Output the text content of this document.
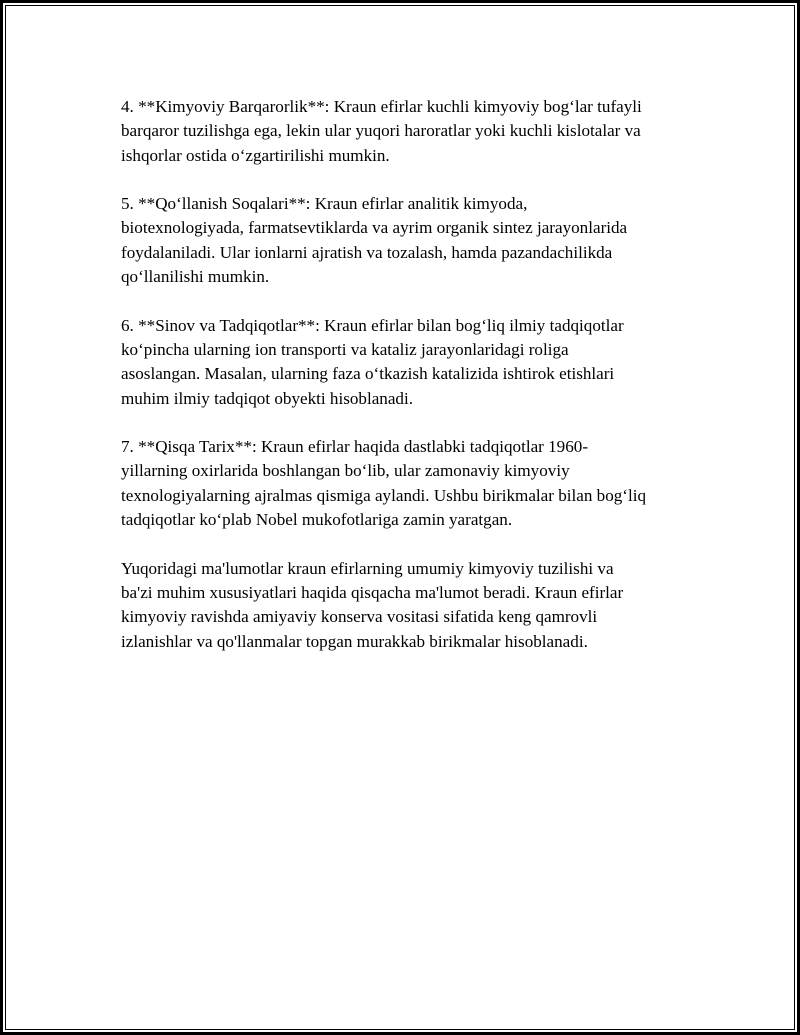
4. **Kimyoviy Barqarorlik**: Kraun efirlar kuchli kimyoviy bog‘lar tufayli
barqaror tuzilishga ega, lekin ular yuqori haroratlar yoki kuchli kislotalar va
ishqorlar ostida o‘zgartirilishi mumkin.

5. **Qo‘llanish Soqalari**: Kraun efirlar analitik kimyoda,
biotexnologiyada, farmatsevtiklarda va ayrim organik sintez jarayonlarida
foydalaniladi. Ular ionlarni ajratish va tozalash, hamda pazandachilikda
qo‘llanilishi mumkin.

6. **Sinov va Tadqiqotlar**: Kraun efirlar bilan bog‘liq ilmiy tadqiqotlar
ko‘pincha ularning ion transporti va kataliz jarayonlaridagi roliga
asoslangan. Masalan, ularning faza o‘tkazish katalizida ishtirok etishlari
muhim ilmiy tadqiqot obyekti hisoblanadi.

7. **Qisqa Tarix**: Kraun efirlar haqida dastlabki tadqiqotlar 1960-
yillarning oxirlarida boshlangan bo‘lib, ular zamonaviy kimyoviy
texnologiyalarning ajralmas qismiga aylandi. Ushbu birikmalar bilan bog‘liq
tadqiqotlar ko‘plab Nobel mukofotlariga zamin yaratgan.

Yuqoridagi ma'lumotlar kraun efirlarning umumiy kimyoviy tuzilishi va
ba'zi muhim xususiyatlari haqida qisqacha ma'lumot beradi. Kraun efirlar
kimyoviy ravishda amiyaviy konserva vositasi sifatida keng qamrovli
izlanishlar va qo'llanmalar topgan murakkab birikmalar hisoblanadi.
